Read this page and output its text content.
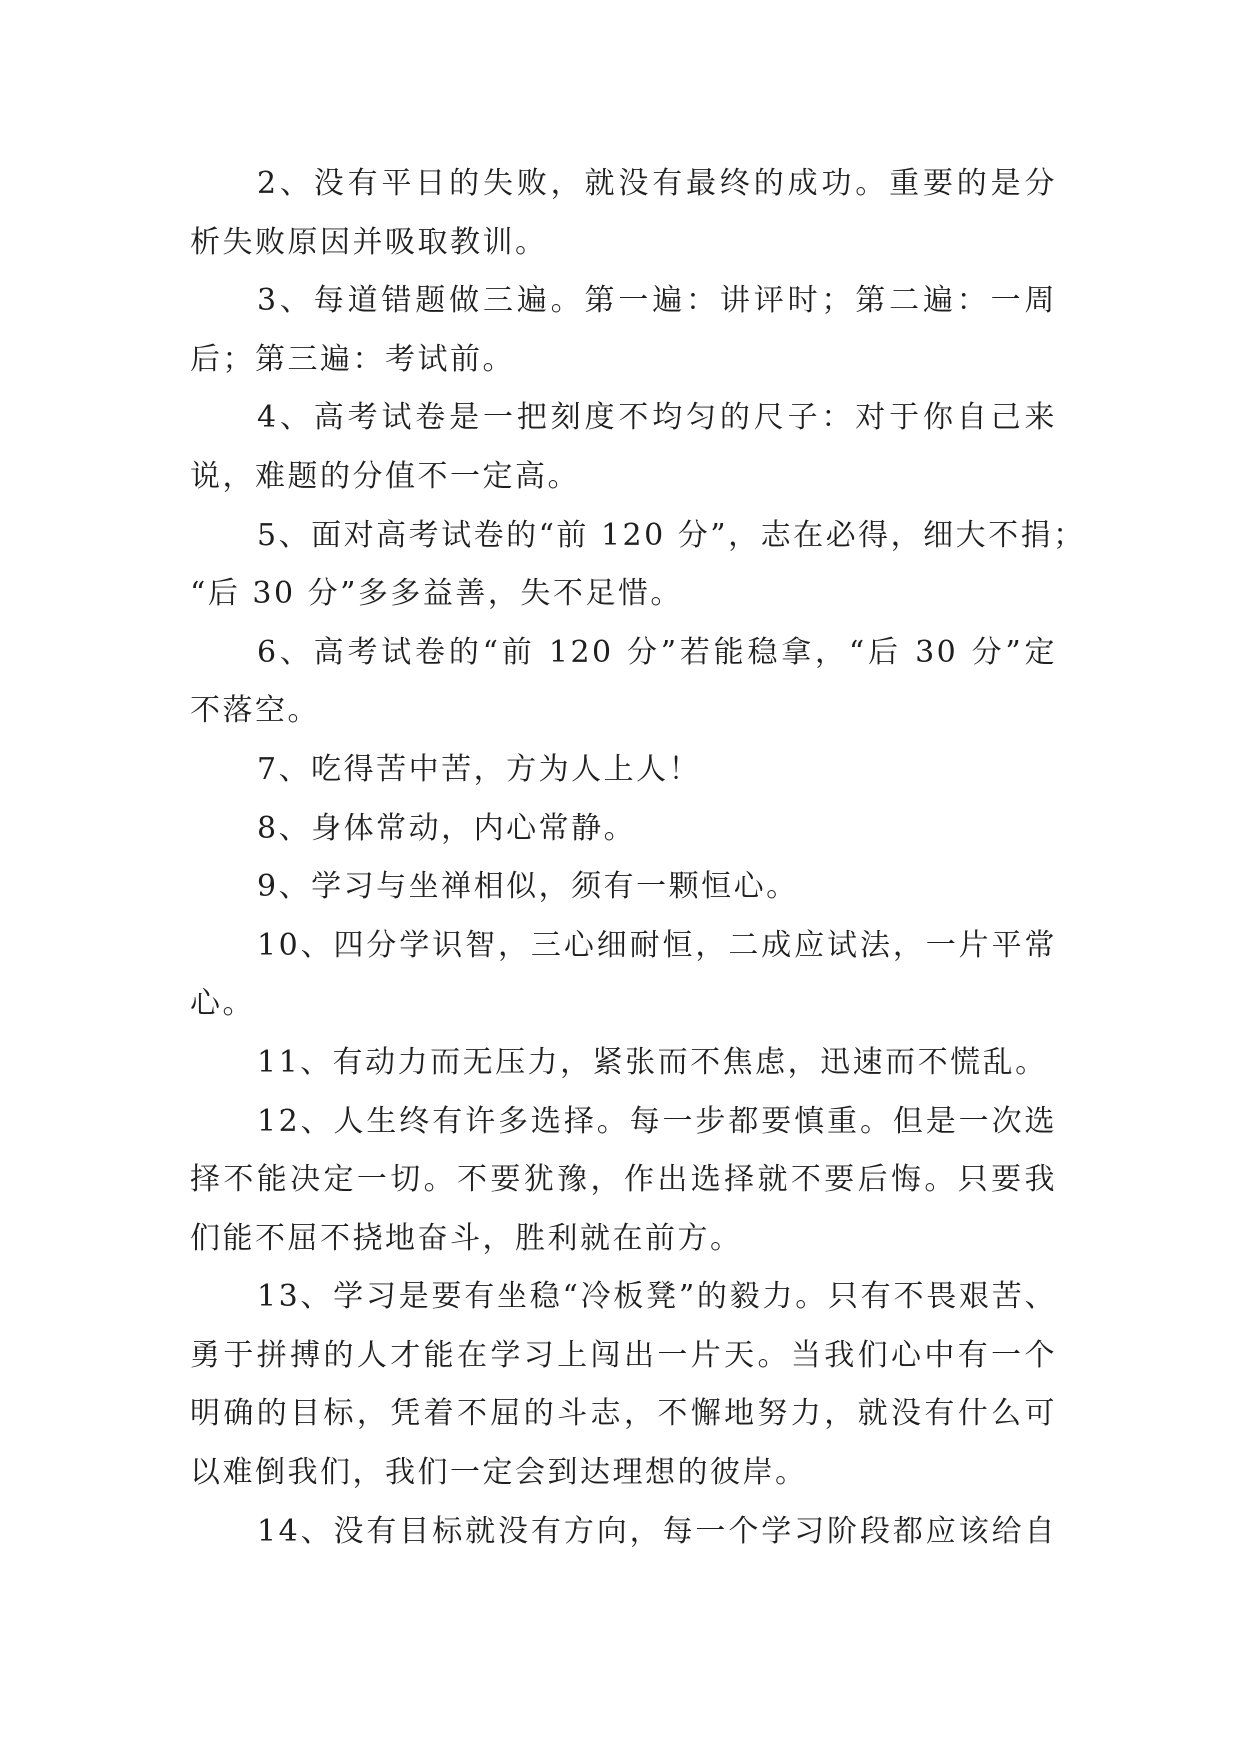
2、没有平日的失败，就没有最终的成功。重要的是分
析失败原因并吸取教训。
3、每道错题做三遍。第一遍：讲评时；第二遍：一周
后；第三遍：考试前。
4、高考试卷是一把刻度不均匀的尺子：对于你自己来
说，难题的分值不一定高。
5、面对高考试卷的“前 120 分”，志在必得，细大不捐；
“后 30 分”多多益善，失不足惜。
6、高考试卷的“前 120 分”若能稳拿，“后 30 分”定
不落空。
7、吃得苦中苦，方为人上人！
8、身体常动，内心常静。
9、学习与坐禅相似，须有一颗恒心。
10、四分学识智，三心细耐恒，二成应试法，一片平常
心。
11、有动力而无压力，紧张而不焦虑，迅速而不慌乱。
12、人生终有许多选择。每一步都要慎重。但是一次选
择不能决定一切。不要犹豫，作出选择就不要后悔。只要我
们能不屈不挠地奋斗，胜利就在前方。
13、学习是要有坐稳“冷板凳”的毅力。只有不畏艰苦、
勇于拼搏的人才能在学习上闯出一片天。当我们心中有一个
明确的目标，凭着不屈的斗志，不懈地努力，就没有什么可
以难倒我们，我们一定会到达理想的彼岸。
14、没有目标就没有方向，每一个学习阶段都应该给自
